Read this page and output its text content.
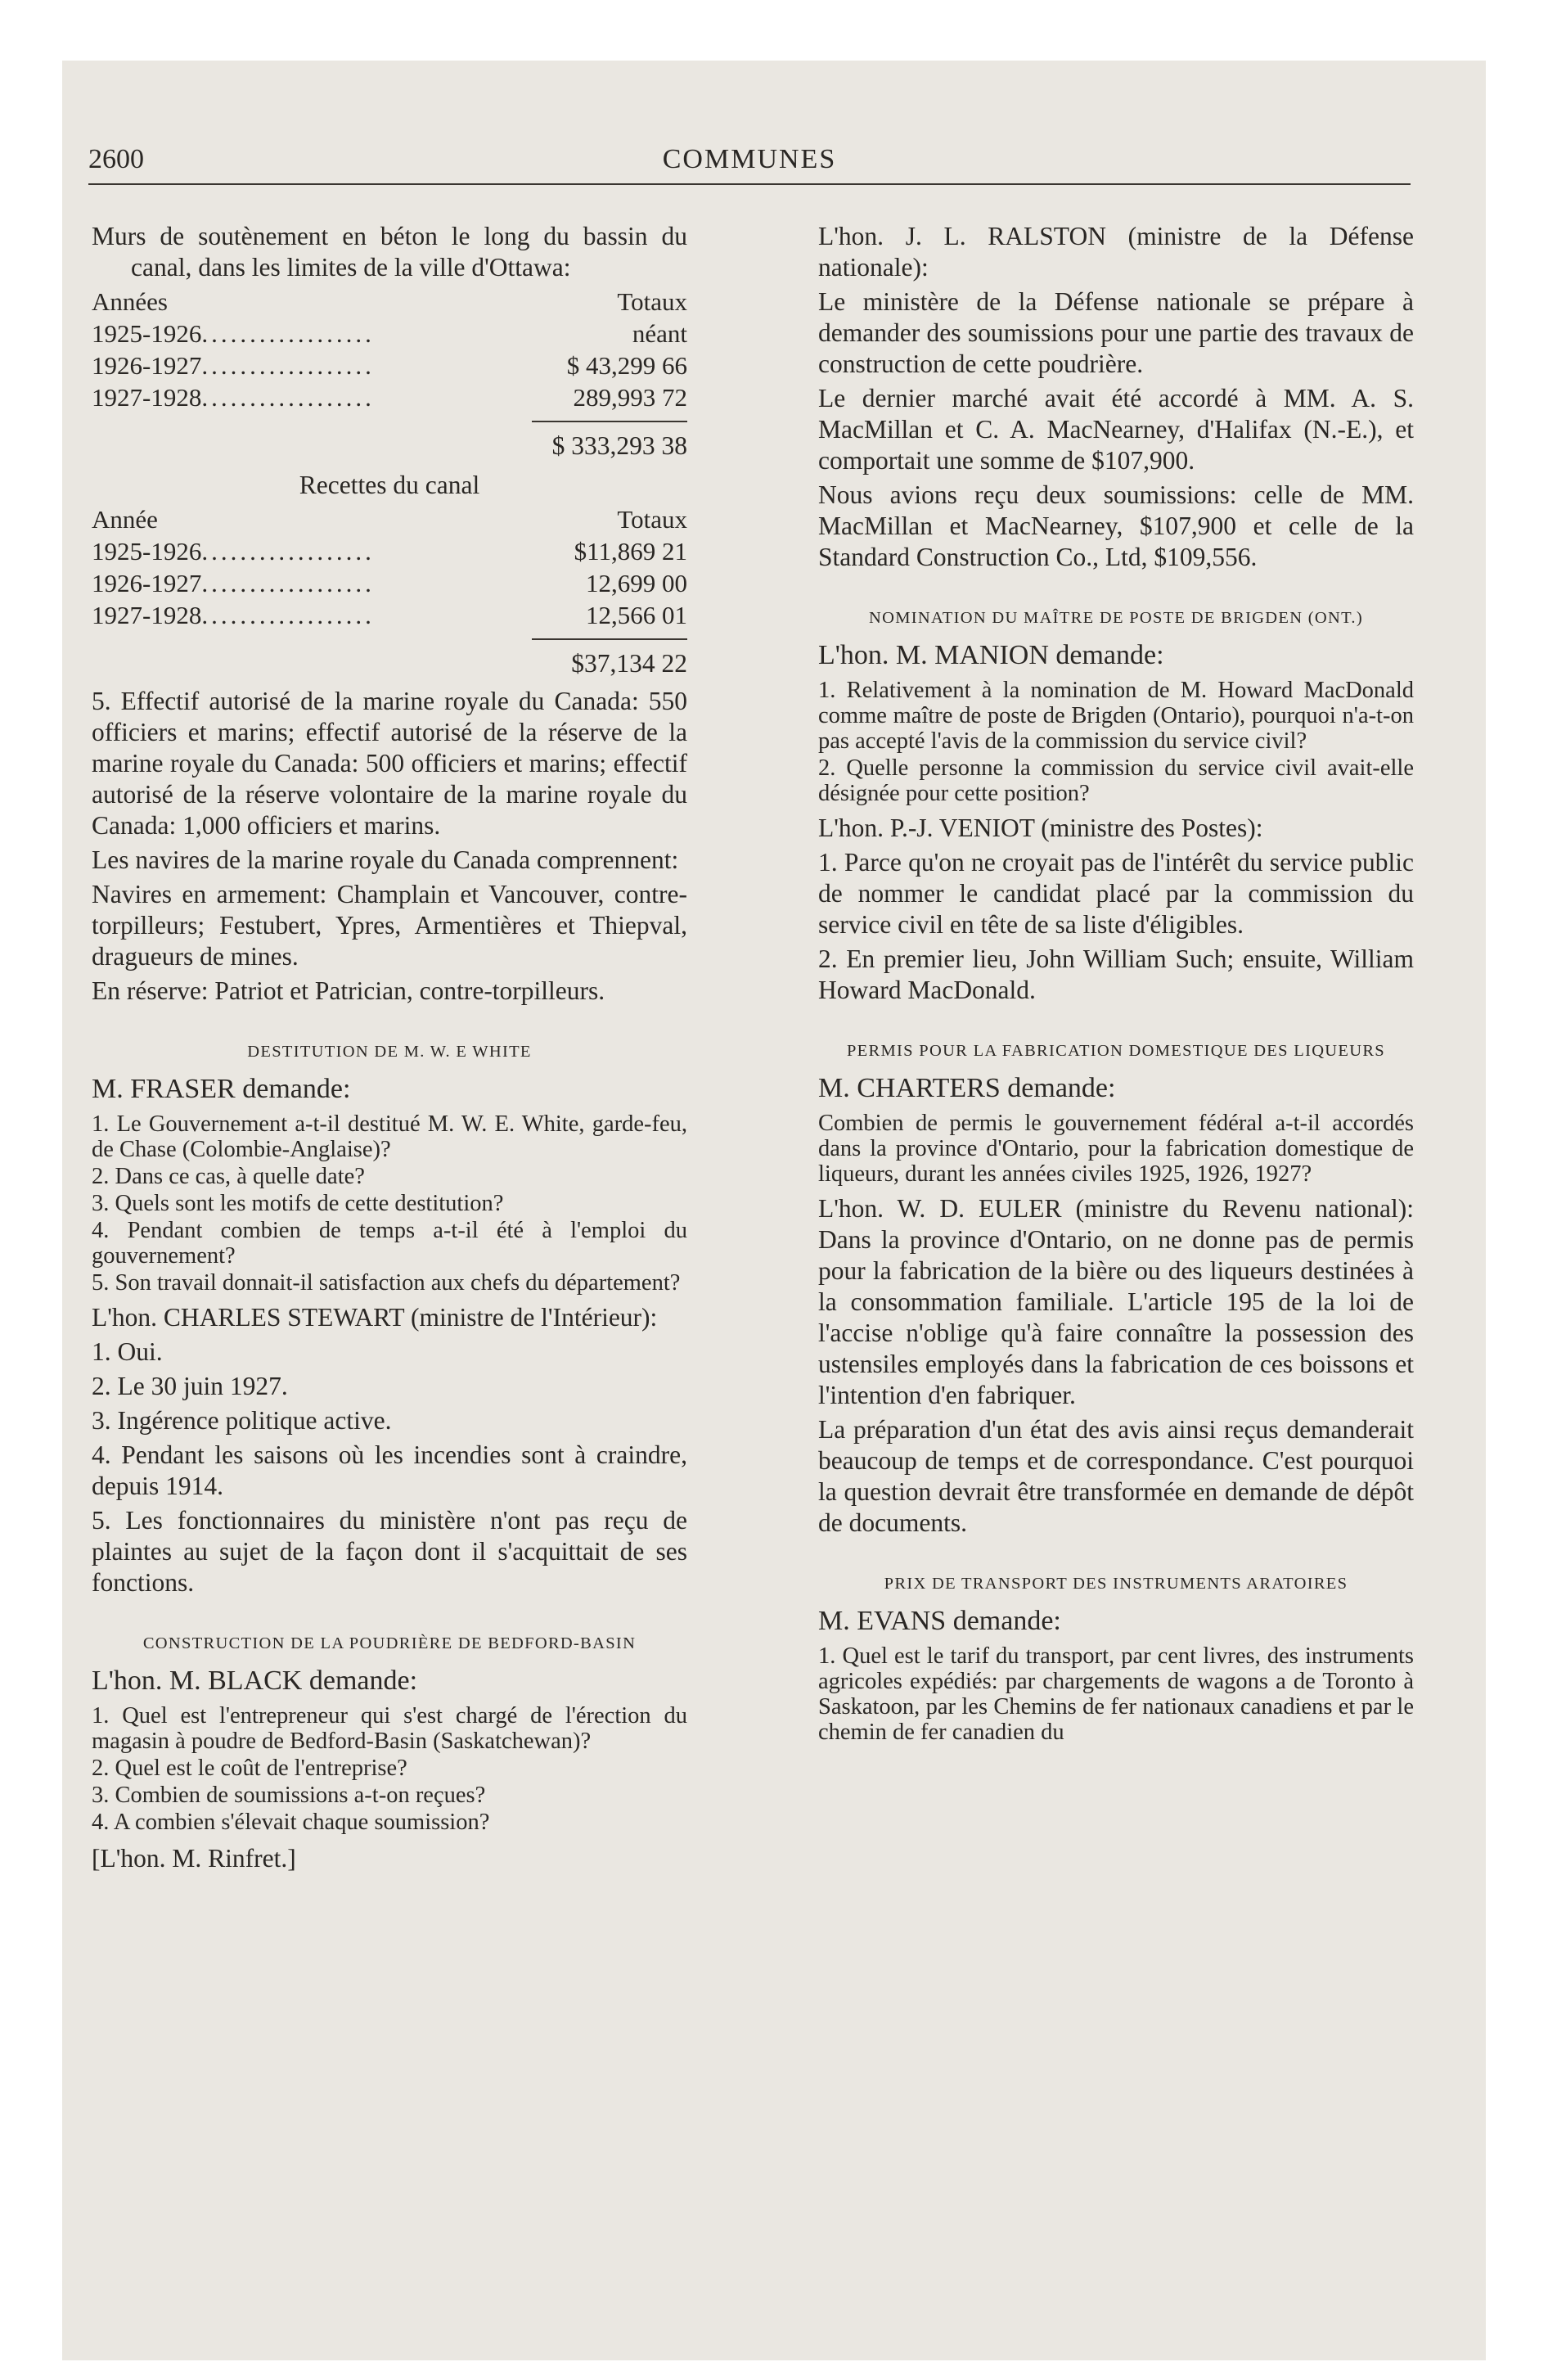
2600	COMMUNES

Murs de soutènement en béton le long du bassin du canal, dans les limites de la ville d'Ottawa:

Années	Totaux
1925-1926..................	néant
1926-1927..................	$ 43,299 66
1927-1928..................	289,993 72

$ 333,293 38

Recettes du canal

Année	Totaux
1925-1926..................	$11,869 21
1926-1927..................	12,699 00
1927-1928..................	12,566 01

$37,134 22

5. Effectif autorisé de la marine royale du Canada: 550 officiers et marins; effectif autorisé de la réserve de la marine royale du Canada: 500 officiers et marins; effectif autorisé de la réserve volontaire de la marine royale du Canada: 1,000 officiers et marins.

Les navires de la marine royale du Canada comprennent:

Navires en armement: Champlain et Vancouver, contre-torpilleurs; Festubert, Ypres, Armentières et Thiepval, dragueurs de mines.

En réserve: Patriot et Patrician, contre-torpilleurs.

DESTITUTION DE M. W. E WHITE

M. FRASER demande:

1. Le Gouvernement a-t-il destitué M. W. E. White, garde-feu, de Chase (Colombie-Anglaise)?

2. Dans ce cas, à quelle date?

3. Quels sont les motifs de cette destitution?

4. Pendant combien de temps a-t-il été à l'emploi du gouvernement?

5. Son travail donnait-il satisfaction aux chefs du département?

L'hon. CHARLES STEWART (ministre de l'Intérieur):

1. Oui.

2. Le 30 juin 1927.

3. Ingérence politique active.

4. Pendant les saisons où les incendies sont à craindre, depuis 1914.

5. Les fonctionnaires du ministère n'ont pas reçu de plaintes au sujet de la façon dont il s'acquittait de ses fonctions.

CONSTRUCTION DE LA POUDRIÈRE DE BEDFORD-BASIN

L'hon. M. BLACK demande:

1. Quel est l'entrepreneur qui s'est chargé de l'érection du magasin à poudre de Bedford-Basin (Saskatchewan)?

2. Quel est le coût de l'entreprise?

3. Combien de soumissions a-t-on reçues?

4. A combien s'élevait chaque soumission?

[L'hon. M. Rinfret.]

L'hon. J. L. RALSTON (ministre de la Défense nationale):

Le ministère de la Défense nationale se prépare à demander des soumissions pour une partie des travaux de construction de cette poudrière.

Le dernier marché avait été accordé à MM. A. S. MacMillan et C. A. MacNearney, d'Halifax (N.-E.), et comportait une somme de $107,900.

Nous avions reçu deux soumissions: celle de MM. MacMillan et MacNearney, $107,900 et celle de la Standard Construction Co., Ltd, $109,556.

NOMINATION DU MAÎTRE DE POSTE DE BRIGDEN (ONT.)

L'hon. M. MANION demande:

1. Relativement à la nomination de M. Howard MacDonald comme maître de poste de Brigden (Ontario), pourquoi n'a-t-on pas accepté l'avis de la commission du service civil?

2. Quelle personne la commission du service civil avait-elle désignée pour cette position?

L'hon. P.-J. VENIOT (ministre des Postes):

1. Parce qu'on ne croyait pas de l'intérêt du service public de nommer le candidat placé par la commission du service civil en tête de sa liste d'éligibles.

2. En premier lieu, John William Such; ensuite, William Howard MacDonald.

PERMIS POUR LA FABRICATION DOMESTIQUE DES LIQUEURS

M. CHARTERS demande:

Combien de permis le gouvernement fédéral a-t-il accordés dans la province d'Ontario, pour la fabrication domestique de liqueurs, durant les années civiles 1925, 1926, 1927?

L'hon. W. D. EULER (ministre du Revenu national): Dans la province d'Ontario, on ne donne pas de permis pour la fabrication de la bière ou des liqueurs destinées à la consommation familiale. L'article 195 de la loi de l'accise n'oblige qu'à faire connaître la possession des ustensiles employés dans la fabrication de ces boissons et l'intention d'en fabriquer.

La préparation d'un état des avis ainsi reçus demanderait beaucoup de temps et de correspondance. C'est pourquoi la question devrait être transformée en demande de dépôt de documents.

PRIX DE TRANSPORT DES INSTRUMENTS ARATOIRES

M. EVANS demande:

1. Quel est le tarif du transport, par cent livres, des instruments agricoles expédiés: par chargements de wagons a de Toronto à Saskatoon, par les Chemins de fer nationaux canadiens et par le chemin de fer canadien du
